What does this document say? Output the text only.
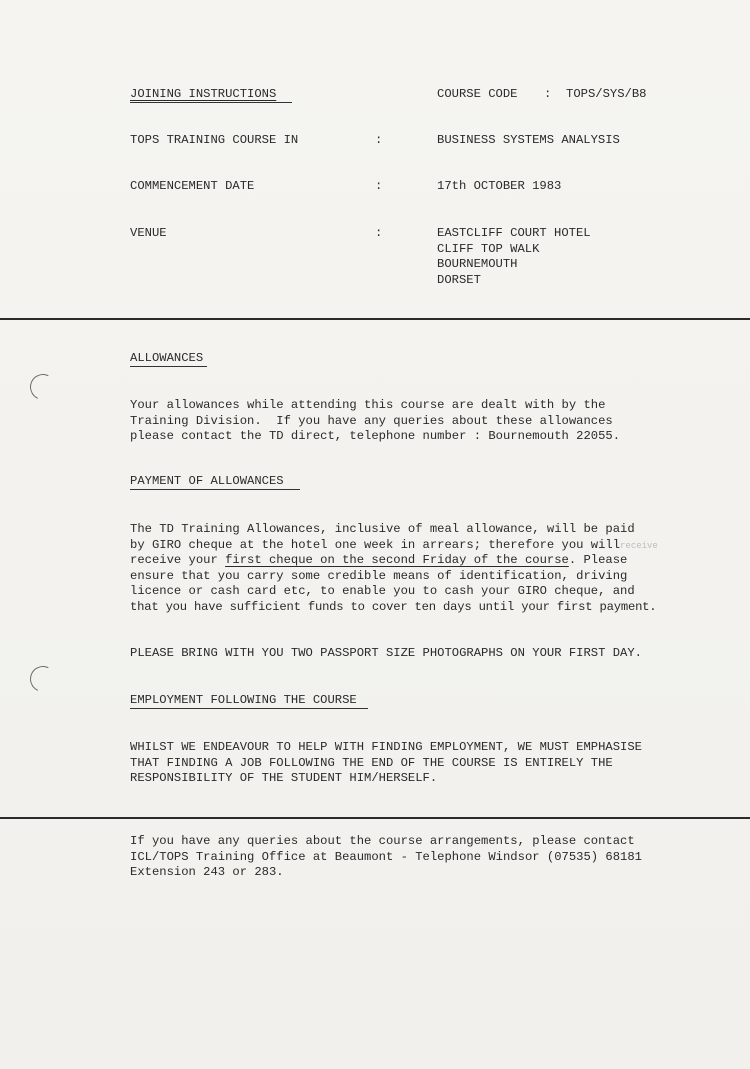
JOINING INSTRUCTIONS	COURSE CODE : TOPS/SYS/B8
TOPS TRAINING COURSE IN	:	BUSINESS SYSTEMS ANALYSIS
COMMENCEMENT DATE	:	17th OCTOBER 1983
VENUE	:	EASTCLIFF COURT HOTEL
CLIFF TOP WALK
BOURNEMOUTH
DORSET
ALLOWANCES
Your allowances while attending this course are dealt with by the
Training Division.  If you have any queries about these allowances
please contact the TD direct, telephone number : Bournemouth 22055.
PAYMENT OF ALLOWANCES
The TD Training Allowances, inclusive of meal allowance, will be paid
by GIRO cheque at the hotel one week in arrears; therefore you willreceive
receive your first cheque on the second Friday of the course. Please
ensure that you carry some credible means of identification, driving
licence or cash card etc, to enable you to cash your GIRO cheque, and
that you have sufficient funds to cover ten days until your first payment.
PLEASE BRING WITH YOU TWO PASSPORT SIZE PHOTOGRAPHS ON YOUR FIRST DAY.
EMPLOYMENT FOLLOWING THE COURSE
WHILST WE ENDEAVOUR TO HELP WITH FINDING EMPLOYMENT, WE MUST EMPHASISE
THAT FINDING A JOB FOLLOWING THE END OF THE COURSE IS ENTIRELY THE
RESPONSIBILITY OF THE STUDENT HIM/HERSELF.
If you have any queries about the course arrangements, please contact
ICL/TOPS Training Office at Beaumont - Telephone Windsor (07535) 68181
Extension 243 or 283.
